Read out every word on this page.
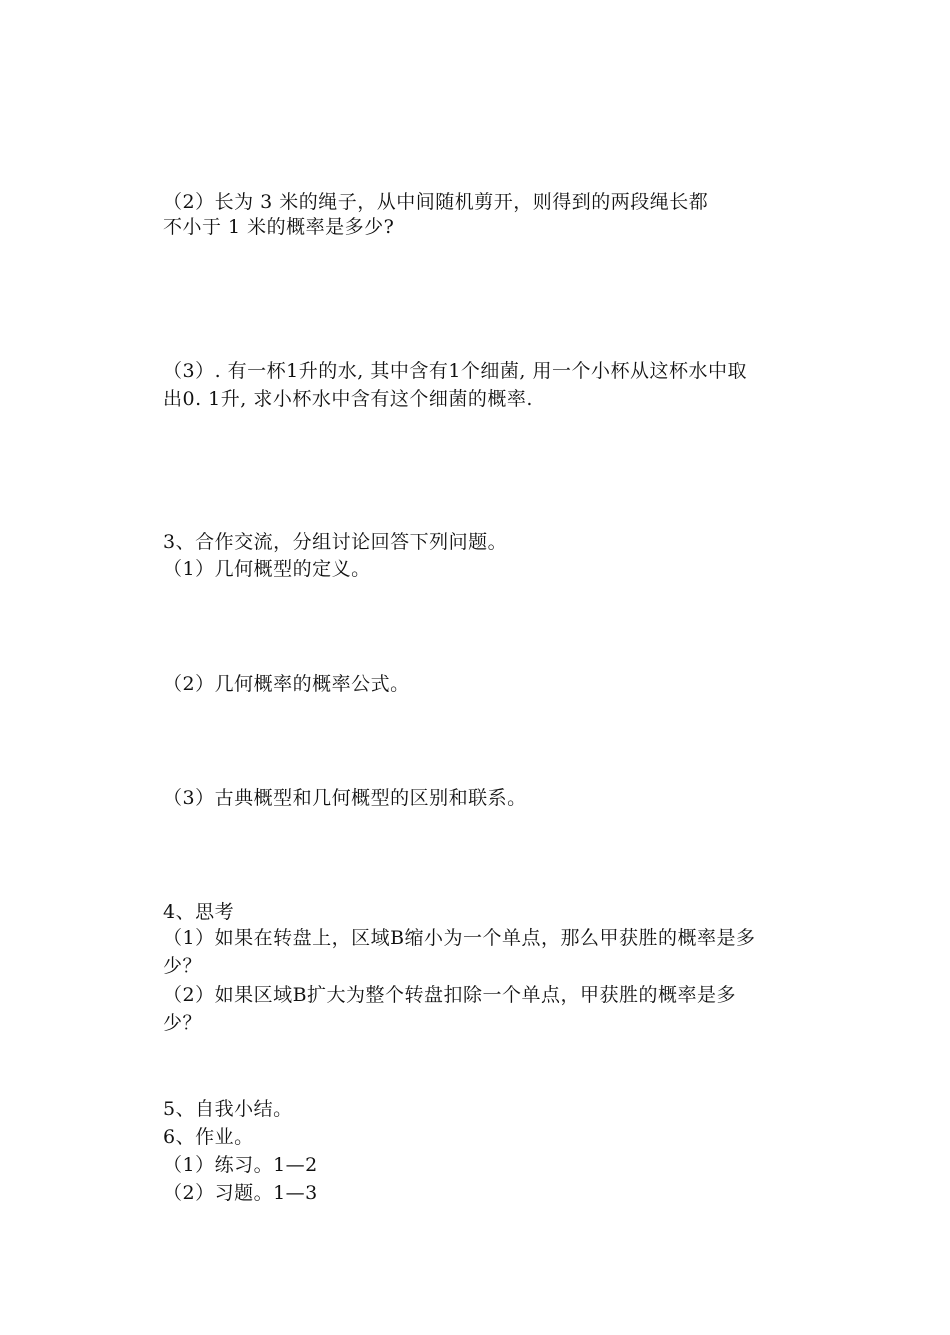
（2）长为 3 米的绳子，从中间随机剪开，则得到的两段绳长都
不小于 1 米的概率是多少?
（3）. 有一杯1升的水, 其中含有1个细菌, 用一个小杯从这杯水中取
出0. 1升, 求小杯水中含有这个细菌的概率.
3、合作交流，分组讨论回答下列问题。
（1）几何概型的定义。
（2）几何概率的概率公式。
（3）古典概型和几何概型的区别和联系。
4、思考
（1）如果在转盘上，区域B缩小为一个单点，那么甲获胜的概率是多
少？
（2）如果区域B扩大为整个转盘扣除一个单点，甲获胜的概率是多
少？
5、自我小结。
6、作业。
（1）练习。1—2
（2）习题。1—3
